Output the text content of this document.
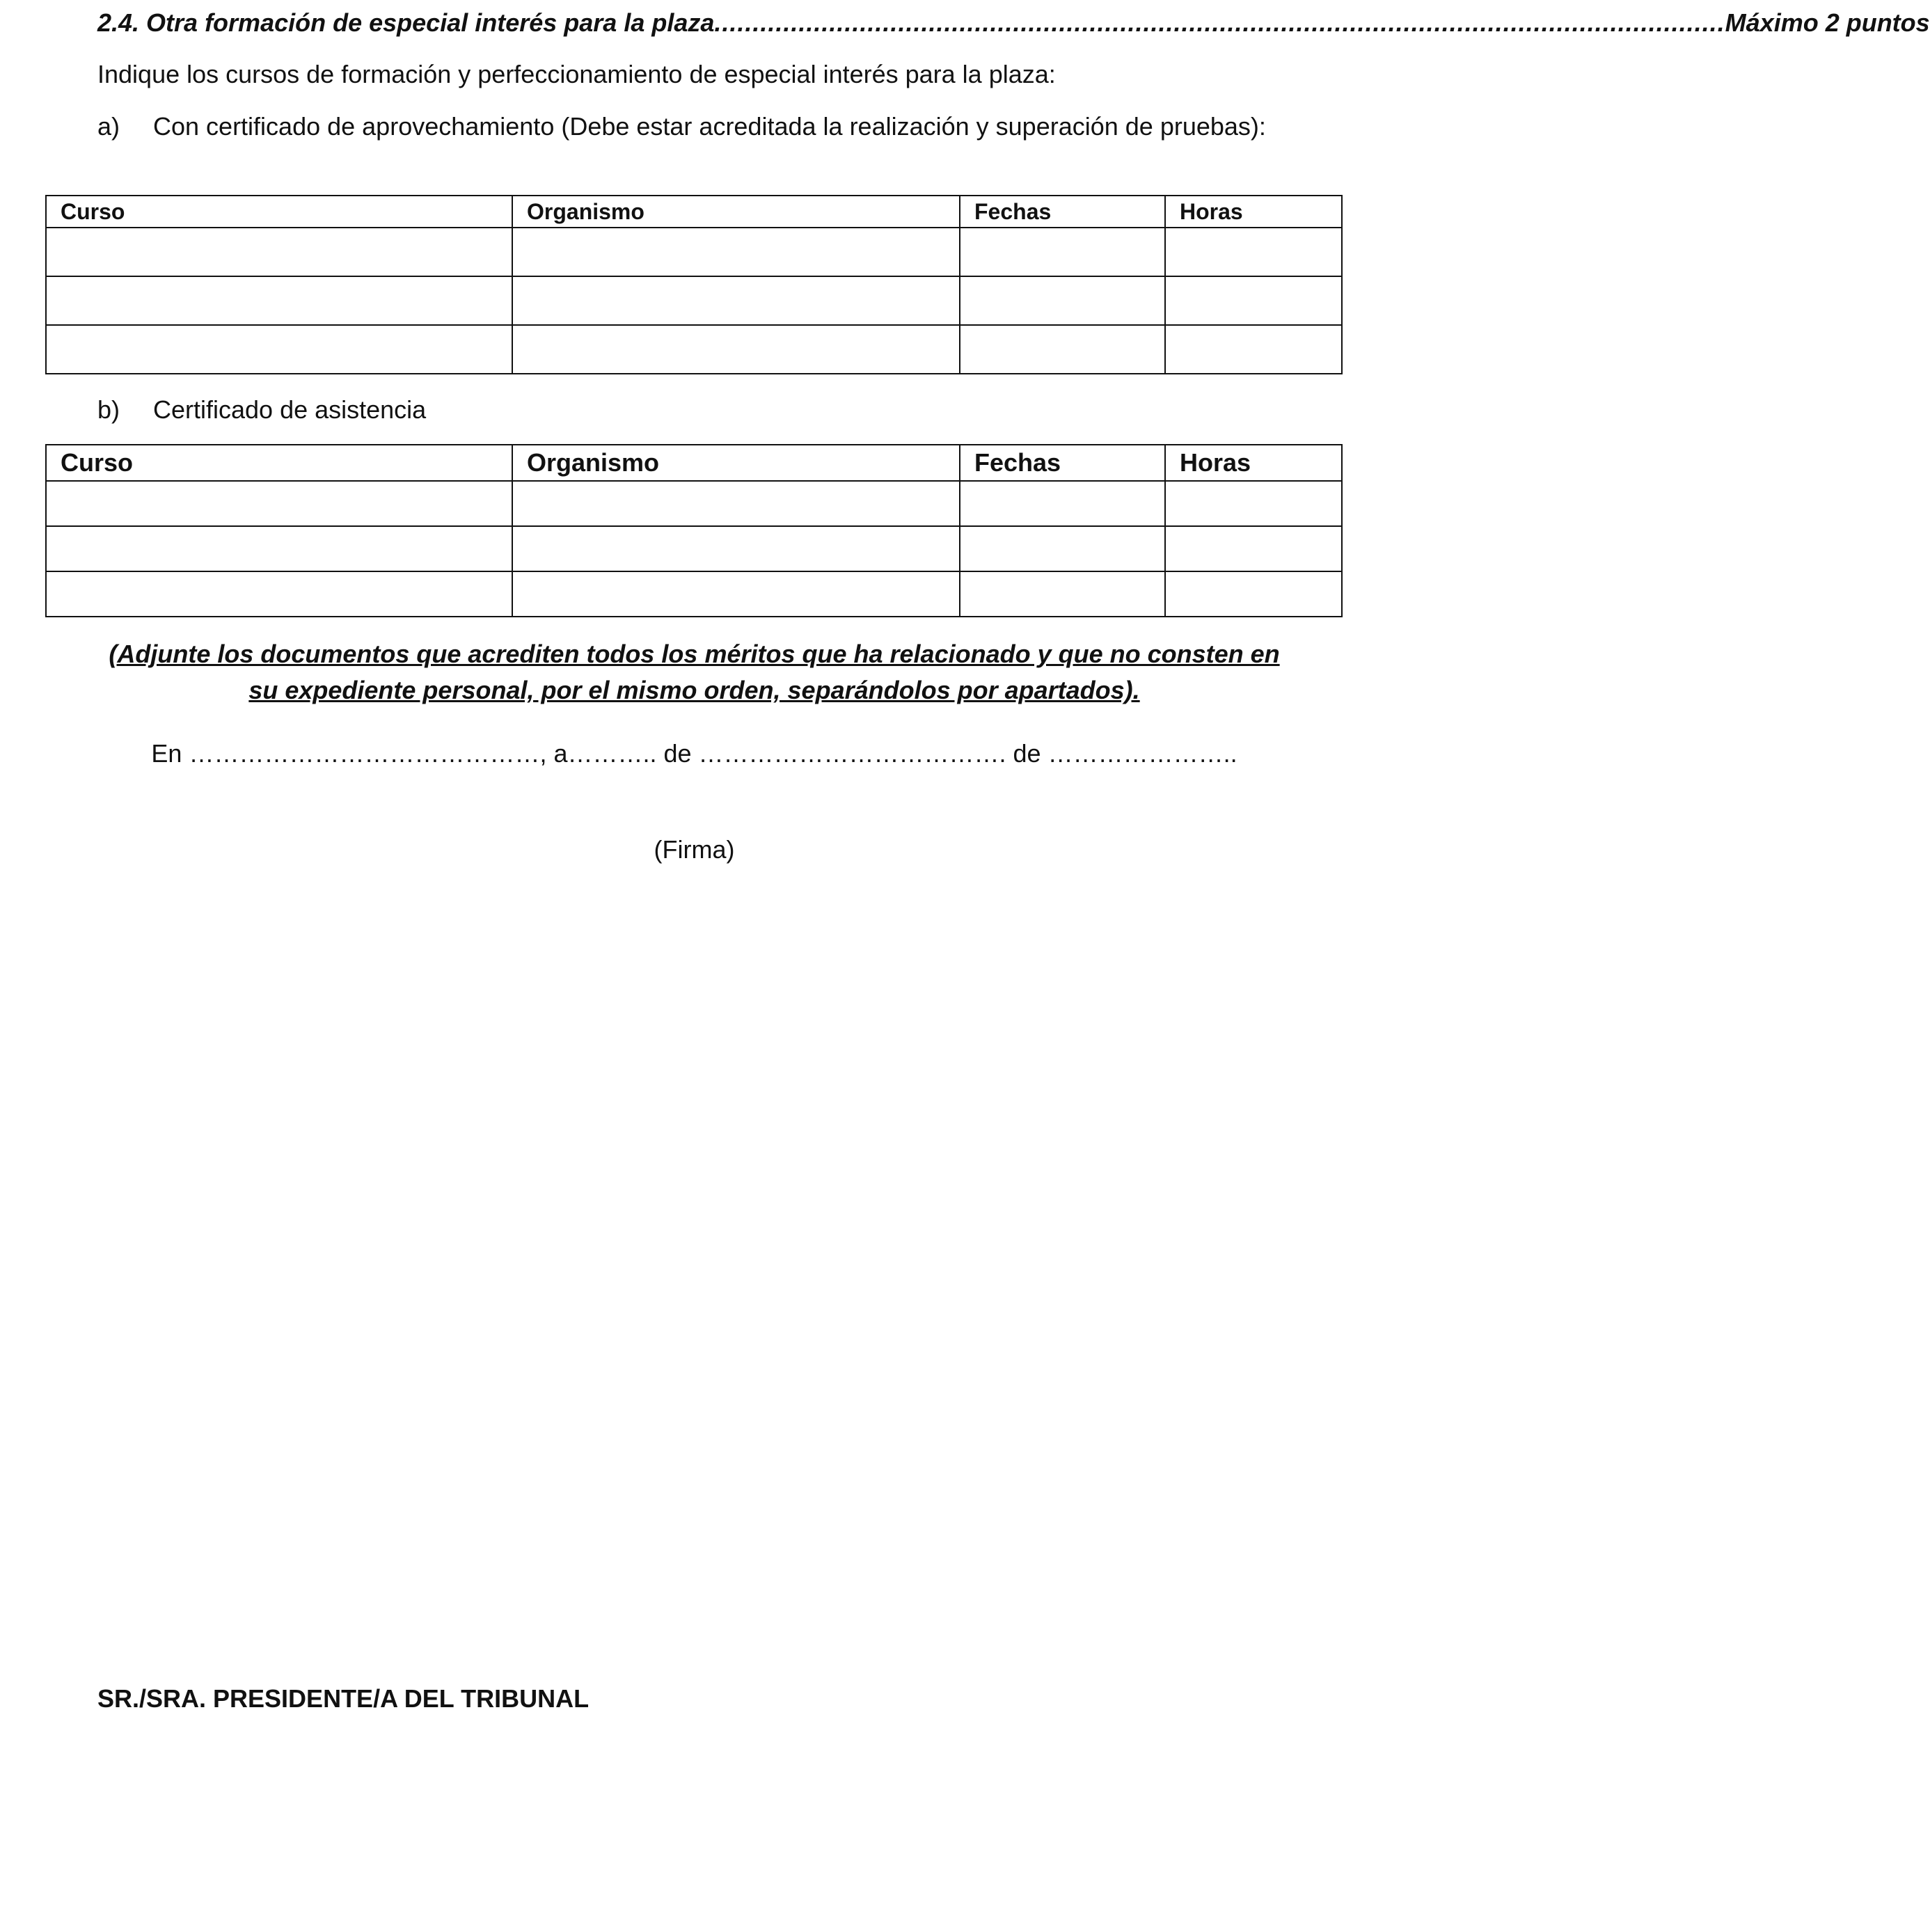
2.4. Otra formación de especial interés para la plaza .................................................................................................................................... Máximo 2 puntos
Indique los cursos de formación y perfeccionamiento de especial interés para la plaza:
a) Con certificado de aprovechamiento (Debe estar acreditada la realización y superación de pruebas):
Curso	Organismo	Fechas	Horas

b) Certificado de asistencia
Curso	Organismo	Fechas	Horas

(Adjunte los documentos que acrediten todos los méritos que ha relacionado y que no consten en
su expediente personal, por el mismo orden, separándolos por apartados).
En ……………………………………, a……….. de ………………………………. de …………………..
(Firma)
SR./SRA. PRESIDENTE/A DEL TRIBUNAL
